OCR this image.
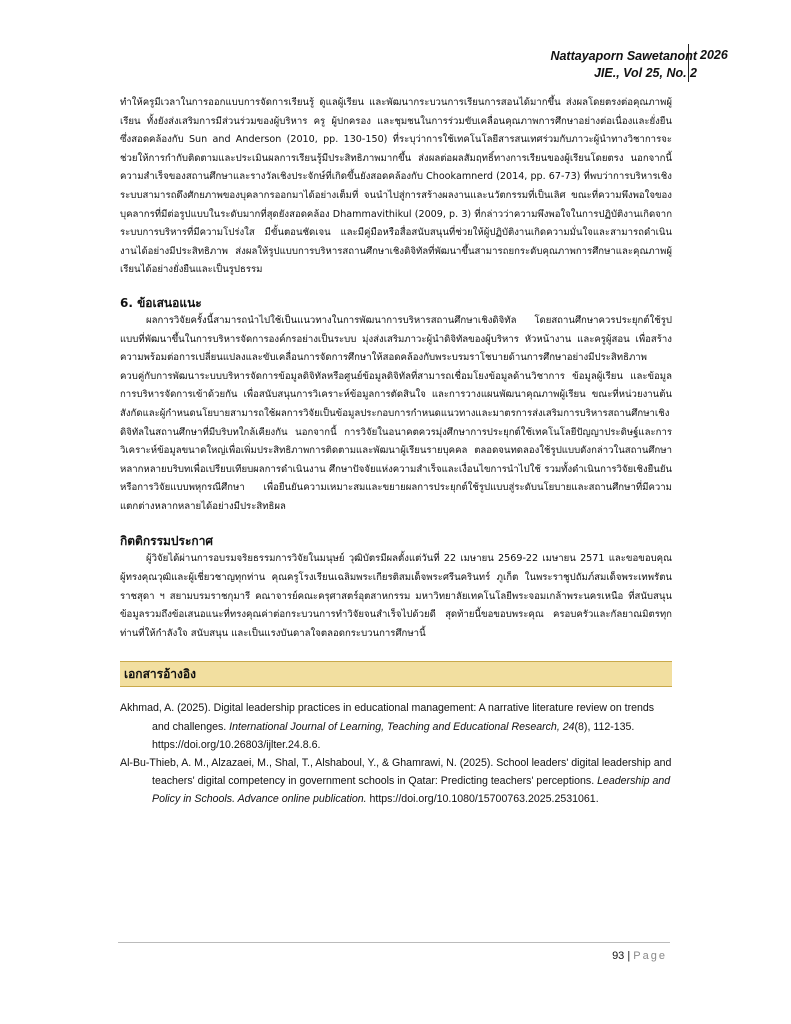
Nattayaporn Sawetanont
JIE., Vol 25, No. 2
2026

ทำให้ครูมีเวลาในการออกแบบการจัดการเรียนรู้ ดูแลผู้เรียน และพัฒนากระบวนการเรียนการสอนได้มากขึ้น ส่งผลโดยตรงต่อคุณภาพผู้เรียน ทั้งยังส่งเสริมการมีส่วนร่วมของผู้บริหาร ครู ผู้ปกครอง และชุมชนในการร่วมขับเคลื่อนคุณภาพการศึกษาอย่างต่อเนื่องและยั่งยืน ซึ่งสอดคล้องกับ Sun and Anderson (2010, pp. 130-150) ที่ระบุว่าการใช้เทคโนโลยีสารสนเทศร่วมกับภาวะผู้นำทางวิชาการจะช่วยให้การกำกับติดตามและประเมินผลการเรียนรู้มีประสิทธิภาพมากขึ้น ส่งผลต่อผลสัมฤทธิ์ทางการเรียนของผู้เรียนโดยตรง นอกจากนี้ความสำเร็จของสถานศึกษาและรางวัลเชิงประจักษ์ที่เกิดขึ้นยังสอดคล้องกับ Chookamnerd (2014, pp. 67-73) ที่พบว่าการบริหารเชิงระบบสามารถดึงศักยภาพของบุคลากรออกมาได้อย่างเต็มที่ จนนำไปสู่การสร้างผลงานและนวัตกรรมที่เป็นเลิศ ขณะที่ความพึงพอใจของบุคลากรที่มีต่อรูปแบบในระดับมากที่สุดยังสอดคล้อง Dhammavithikul (2009, p. 3) ที่กล่าวว่าความพึงพอใจในการปฏิบัติงานเกิดจากระบบการบริหารที่มีความโปร่งใส มีขั้นตอนชัดเจน และมีคู่มือหรือสื่อสนับสนุนที่ช่วยให้ผู้ปฏิบัติงานเกิดความมั่นใจและสามารถดำเนินงานได้อย่างมีประสิทธิภาพ ส่งผลให้รูปแบบการบริหารสถานศึกษาเชิงดิจิทัลที่พัฒนาขึ้นสามารถยกระดับคุณภาพการศึกษาและคุณภาพผู้เรียนได้อย่างยั่งยืนและเป็นรูปธรรม

6. ข้อเสนอแนะ

ผลการวิจัยครั้งนี้สามารถนำไปใช้เป็นแนวทางในการพัฒนาการบริหารสถานศึกษาเชิงดิจิทัล โดยสถานศึกษาควรประยุกต์ใช้รูปแบบที่พัฒนาขึ้นในการบริหารจัดการองค์กรอย่างเป็นระบบ มุ่งส่งเสริมภาวะผู้นำดิจิทัลของผู้บริหาร หัวหน้างาน และครูผู้สอน เพื่อสร้างความพร้อมต่อการเปลี่ยนแปลงและขับเคลื่อนการจัดการศึกษาให้สอดคล้องกับพระบรมราโชบายด้านการศึกษาอย่างมีประสิทธิภาพ ควบคู่กับการพัฒนาระบบบริหารจัดการข้อมูลดิจิทัลหรือศูนย์ข้อมูลดิจิทัลที่สามารถเชื่อมโยงข้อมูลด้านวิชาการ ข้อมูลผู้เรียน และข้อมูลการบริหารจัดการเข้าด้วยกัน เพื่อสนับสนุนการวิเคราะห์ข้อมูลการตัดสินใจ และการวางแผนพัฒนาคุณภาพผู้เรียน ขณะที่หน่วยงานต้นสังกัดและผู้กำหนดนโยบายสามารถใช้ผลการวิจัยเป็นข้อมูลประกอบการกำหนดแนวทางและมาตรการส่งเสริมการบริหารสถานศึกษาเชิงดิจิทัลในสถานศึกษาที่มีบริบทใกล้เคียงกัน นอกจากนี้ การวิจัยในอนาคตควรมุ่งศึกษาการประยุกต์ใช้เทคโนโลยีปัญญาประดิษฐ์และการวิเคราะห์ข้อมูลขนาดใหญ่เพื่อเพิ่มประสิทธิภาพการติดตามและพัฒนาผู้เรียนรายบุคคล ตลอดจนทดลองใช้รูปแบบดังกล่าวในสถานศึกษาหลากหลายบริบทเพื่อเปรียบเทียบผลการดำเนินงาน ศึกษาปัจจัยแห่งความสำเร็จและเงื่อนไขการนำไปใช้ รวมทั้งดำเนินการวิจัยเชิงยืนยันหรือการวิจัยแบบพหุกรณีศึกษา เพื่อยืนยันความเหมาะสมและขยายผลการประยุกต์ใช้รูปแบบสู่ระดับนโยบายและสถานศึกษาที่มีความแตกต่างหลากหลายได้อย่างมีประสิทธิผล

กิตติกรรมประกาศ

ผู้วิจัยได้ผ่านการอบรมจริยธรรมการวิจัยในมนุษย์ วุฒิบัตรมีผลตั้งแต่วันที่ 22 เมษายน 2569-22 เมษายน 2571 และขอขอบคุณ ผู้ทรงคุณวุฒิและผู้เชี่ยวชาญทุกท่าน คุณครูโรงเรียนเฉลิมพระเกียรติสมเด็จพระศรีนครินทร์ ภูเก็ต ในพระราชูปถัมภ์สมเด็จพระเทพรัตนราชสุดา ฯ สยามบรมราชกุมารี คณาจารย์คณะครุศาสตร์อุตสาหกรรม มหาวิทยาลัยเทคโนโลยีพระจอมเกล้าพระนครเหนือ ที่สนับสนุนข้อมูลรวมถึงข้อเสนอแนะที่ทรงคุณค่าต่อกระบวนการทำวิจัยจนสำเร็จไปด้วยดี สุดท้ายนี้ขอขอบพระคุณ ครอบครัวและกัลยาณมิตรทุกท่านที่ให้กำลังใจ สนับสนุน และเป็นแรงบันดาลใจตลอดกระบวนการศึกษานี้

เอกสารอ้างอิง

Akhmad, A. (2025). Digital leadership practices in educational management: A narrative literature review on trends and challenges. International Journal of Learning, Teaching and Educational Research, 24(8), 112-135. https://doi.org/10.26803/ijlter.24.8.6.

Al-Bu-Thieb, A. M., Alzazaei, M., Shal, T., Alshaboul, Y., & Ghamrawi, N. (2025). School leaders' digital leadership and teachers' digital competency in government schools in Qatar: Predicting teachers' perceptions. Leadership and Policy in Schools. Advance online publication. https://doi.org/10.1080/15700763.2025.2531061.

93 | Page
